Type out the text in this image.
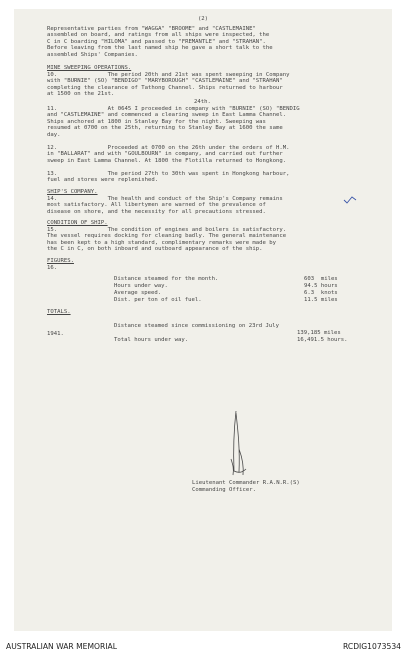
(2)
Representative parties from "WAGGA" "BROOME" and "CASTLEMAINE"
assembled on board, and ratings from all ships were inspected, the
C in C boarding "HILOMA" and passed to "FREMANTLE" and "STRAHAN".
Before leaving from the last named ship he gave a short talk to the
assembled Ships' Companies.
MINE SWEEPING OPERATIONS.
10.               The period 20th and 21st was spent sweeping in Company
with "BURNIE" (SO) "BENDIGO" "MARYBOROUGH" "CASTLEMAINE" and "STRAHAN"
completing the clearance of Tathong Channel. Ships returned to harbour
at 1500 on the 21st.
24th.
11.               At 0645 I proceeded in company with "BURNIE" (SO) "BENDIG
and "CASTLEMAINE" and commenced a clearing sweep in East Lamma Channel.
Ships anchored at 1800 in Stanley Bay for the night. Sweeping was
resumed at 0700 on the 25th, returning to Stanley Bay at 1600 the same
day.
12.               Proceeded at 0700 on the 26th under the orders of H.M.
in "BALLARAT" and with "GOULBOURN" in company, and carried out further
sweep in East Lamma Channel. At 1800 the Flotilla returned to Hongkong.
13.               The period 27th to 30th was spent in Hongkong harbour,
fuel and stores were replenished.
SHIP'S COMPANY.
14.               The health and conduct of the Ship's Company remains
most satisfactory. All libertymen are warned of the prevalence of
disease on shore, and the necessity for all precautions stressed.
CONDITION OF SHIP.
15.               The condition of engines and boilers is satisfactory.
The vessel requires docking for cleaning badly. The general maintenance
has been kept to a high standard, complimentary remarks were made by
the C in C, on both inboard and outboard appearance of the ship.
FIGURES.
16.
Distance steamed for the month.	603  miles
Hours under way.	94.5 hours
Average speed.	6.3  knots
Dist. per ton of oil fuel.	11.5 miles
TOTALS.
Distance steamed since commissioning on 23rd July
1941.	139,185 miles
Total hours under way.	16,491.5 hours.
Lieutenant Commander R.A.N.R.(S)
Commanding Officer.
AUSTRALIAN WAR MEMORIAL	RCDIG1073534
